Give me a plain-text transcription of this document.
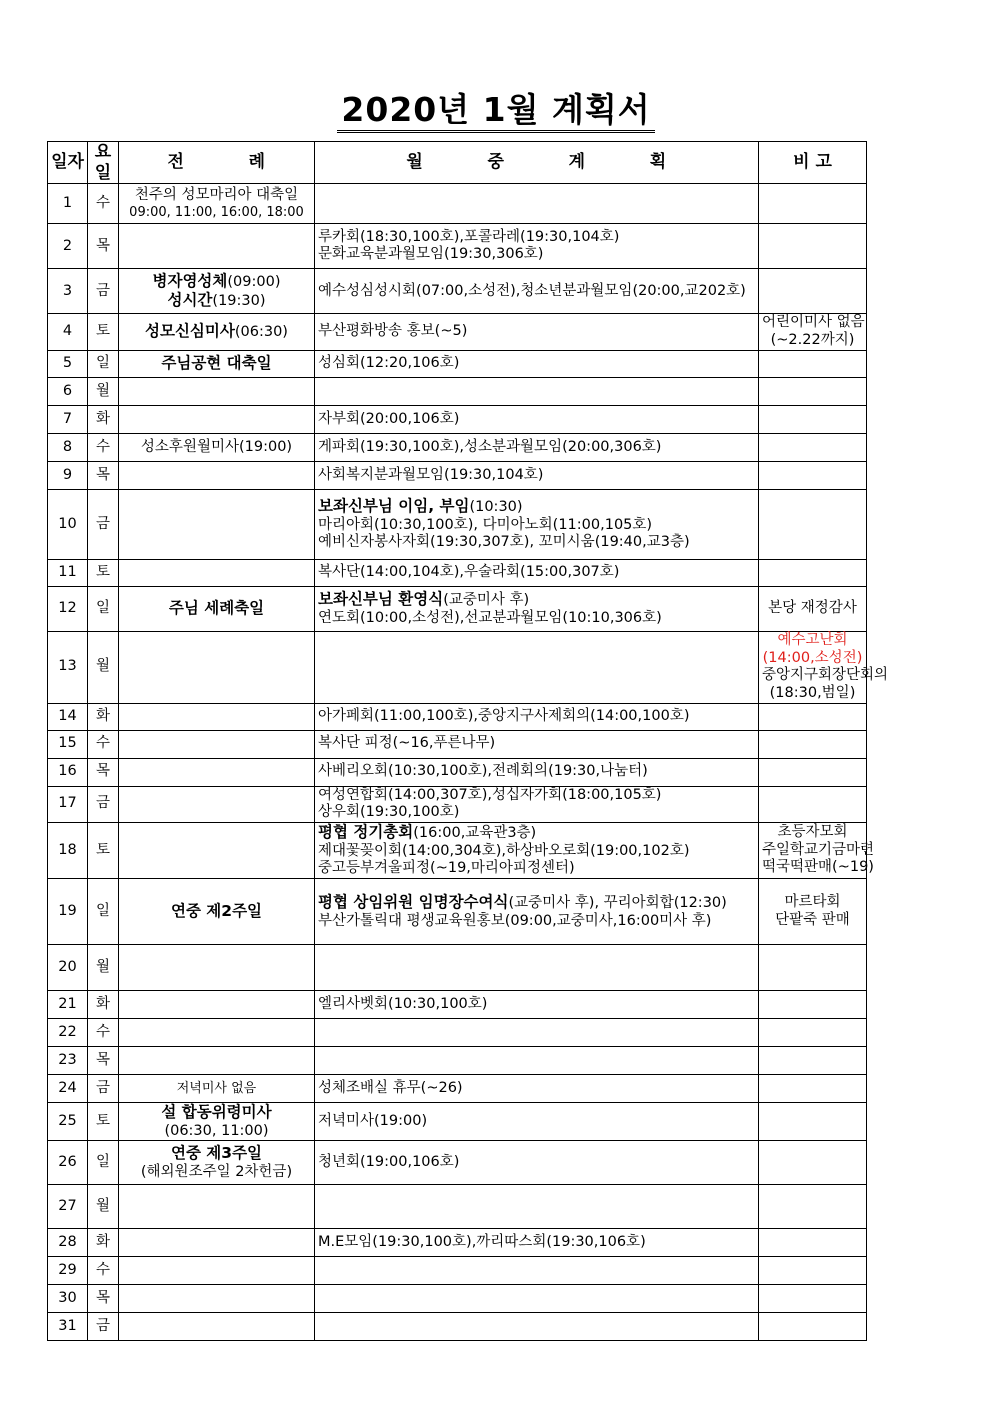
2020년 1월 계획서
일자	요일	전          례	월          중          계          획	비 고
1	수	천주의 성모마리아 대축일
09:00, 11:00, 16:00, 18:00		

2	목		루카회(18:30,100호),포콜라레(19:30,104호)
문화교육분과월모임(19:30,306호)	

3	금	병자영성체(09:00)
성시간(19:30)	예수성심성시회(07:00,소성전),청소년분과월모임(20:00,교202호)	

4	토	성모신심미사(06:30)	부산평화방송 홍보(~5)	어린이미사 없음
(~2.22까지)

5	일	주님공현 대축일	성심회(12:20,106호)	

6	월			
7	화		자부회(20:00,106호)	

8	수	성소후원월미사(19:00)	게파회(19:30,100호),성소분과월모임(20:00,306호)	

9	목		사회복지분과월모임(19:30,104호)	

10	금		보좌신부님 이임, 부임(10:30)
마리아회(10:30,100호), 다미아노회(11:00,105호)
예비신자봉사자회(19:30,307호), 꼬미시움(19:40,교3층)	

11	토		복사단(14:00,104호),우술라회(15:00,307호)	

12	일	주님 세례축일	보좌신부님 환영식(교중미사 후)
연도회(10:00,소성전),선교분과월모임(10:10,306호)	본당 재정감사

13	월			예수고난회
(14:00,소성전)
중앙지구회장단회의
(18:30,범일)

14	화		아가페회(11:00,100호),중앙지구사제회의(14:00,100호)	

15	수		복사단 피정(~16,푸른나무)	

16	목		사베리오회(10:30,100호),전례회의(19:30,나눔터)	

17	금		여성연합회(14:00,307호),성십자가회(18:00,105호)
상우회(19:30,100호)	

18	토		평협 정기총회(16:00,교육관3층)
제대꽃꽂이회(14:00,304호),하상바오로회(19:00,102호)
중고등부겨울피정(~19,마리아피정센터)	초등자모회
주일학교기금마련
떡국떡판매(~19)

19	일	연중 제2주일	평협 상임위원 임명장수여식(교중미사 후), 꾸리아회합(12:30)
부산가톨릭대 평생교육원홍보(09:00,교중미사,16:00미사 후)	마르타회
단팥죽 판매

20	월			
21	화		엘리사벳회(10:30,100호)	

22	수			
23	목			
24	금	저녁미사 없음	성체조배실 휴무(~26)	

25	토	설 합동위령미사
(06:30, 11:00)	저녁미사(19:00)	

26	일	연중 제3주일
(해외원조주일 2차헌금)	청년회(19:00,106호)	

27	월			
28	화		M.E모임(19:30,100호),까리따스회(19:30,106호)	

29	수			
30	목			
31	금			
